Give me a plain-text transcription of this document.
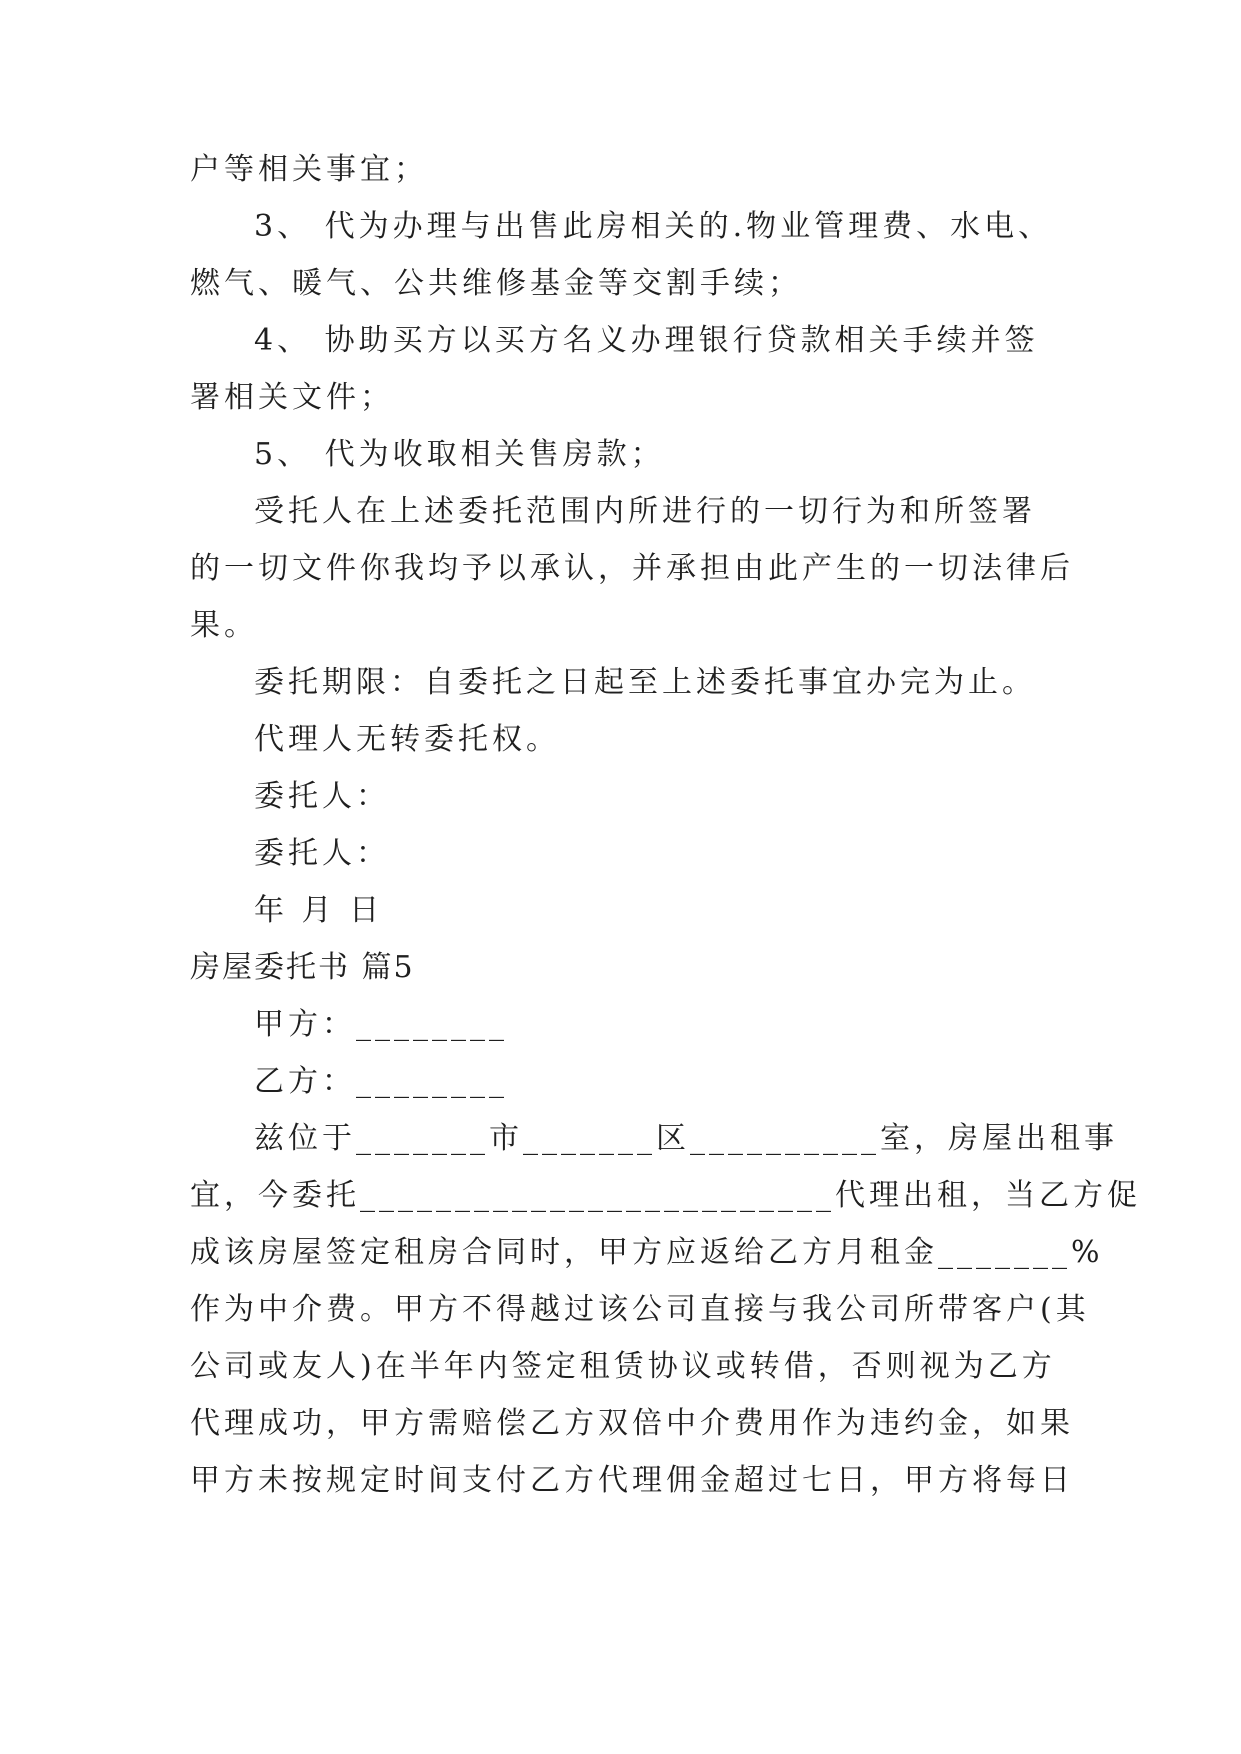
户等相关事宜；
3、 代为办理与出售此房相关的.物业管理费、水电、
燃气、暖气、公共维修基金等交割手续；
4、 协助买方以买方名义办理银行贷款相关手续并签
署相关文件；
5、 代为收取相关售房款；
受托人在上述委托范围内所进行的一切行为和所签署
的一切文件你我均予以承认，并承担由此产生的一切法律后
果。
委托期限：自委托之日起至上述委托事宜办完为止。
代理人无转委托权。
委托人：
委托人：
年 月 日
房屋委托书 篇5
甲方：________
乙方：________
兹位于_______市_______区__________室，房屋出租事
宜，今委托_________________________代理出租，当乙方促
成该房屋签定租房合同时，甲方应返给乙方月租金_______%
作为中介费。甲方不得越过该公司直接与我公司所带客户(其
公司或友人)在半年内签定租赁协议或转借，否则视为乙方
代理成功，甲方需赔偿乙方双倍中介费用作为违约金，如果
甲方未按规定时间支付乙方代理佣金超过七日，甲方将每日
